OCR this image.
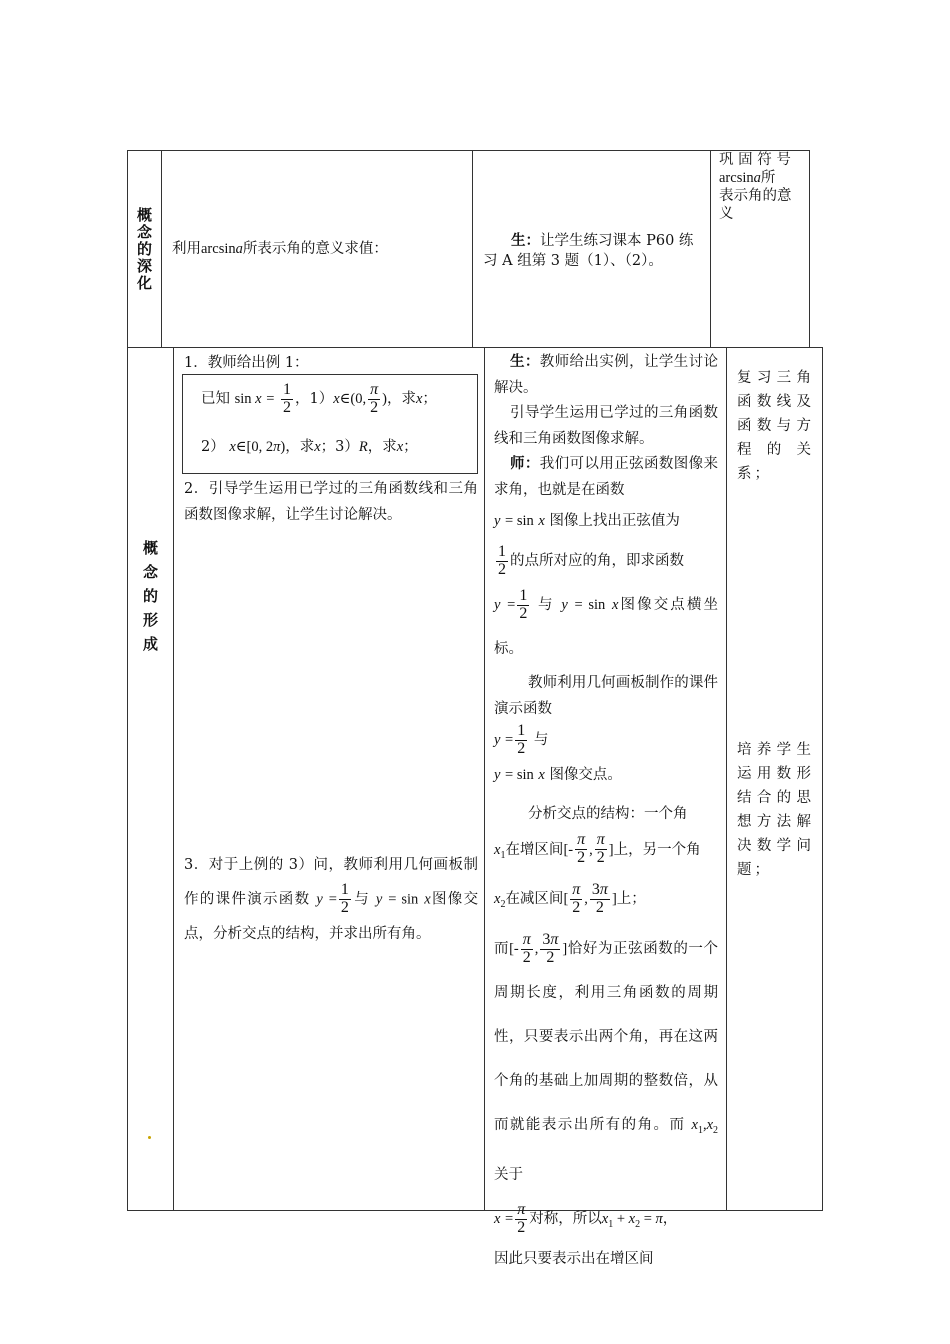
概念的深化 利用arcsina所表示角的意义求值：	生：让学生练习课本 P60 练习 A 组第 3 题（1）、（2）。
巩 固 符 号
arcsina所
表示角的意义
概念的形成
1．教师给出例 1：
已知 $\sin x = \frac{1}{2}$ ，1）x∈(0, $\frac{\pi}{2}$ )，求x；
2） x∈[0, 2π)，求x；3）R，求x；
2．引导学生运用已学过的三角函数线和三角函数图像求解，让学生讨论解决。
3．对于上例的 3）问，教师利用几何画板制作的课件演示函数 $y = \frac{1}{2}$ 与 y = sin x图像交点，分析交点的结构，并求出所有角。
生：教师给出实例，让学生讨论解决。
引导学生运用已学过的三角函数线和三角函数图像求解。
师：我们可以用正弦函数图像来求角，也就是在函数
y = sin x 图像上找出正弦值为
$\frac{1}{2}$ 的点所对应的角，即求函数
$y = \frac{1}{2}$ 与 y = sin x图像交点横坐标。
教师利用几何画板制作的课件演示函数
$y = \frac{1}{2}$ 与
y = sin x 图像交点。
分析交点的结构：一个角
$x_1$在增区间[- $\frac{\pi}{2}$ , $\frac{\pi}{2}$ ]上，另一个角
$x_2$在减区间[ $\frac{\pi}{2}$ , $\frac{3\pi}{2}$ ]上；
而[- $\frac{\pi}{2}$ , $\frac{3\pi}{2}$ ]恰好为正弦函数的一个周期长度，利用三角函数的周期性，只要表示出两个角，再在这两个角的基础上加周期的整数倍，从而就能表示出所有的角。而 $x_1,x_2$ 关于
$x = \frac{\pi}{2}$ 对称，所以$x_1 + x_2 = \pi$，
因此只要表示出在增区间
复习三角函数线及函数与方程的关系；
培养学生运用数形结合的思想方法解决数学问题；
